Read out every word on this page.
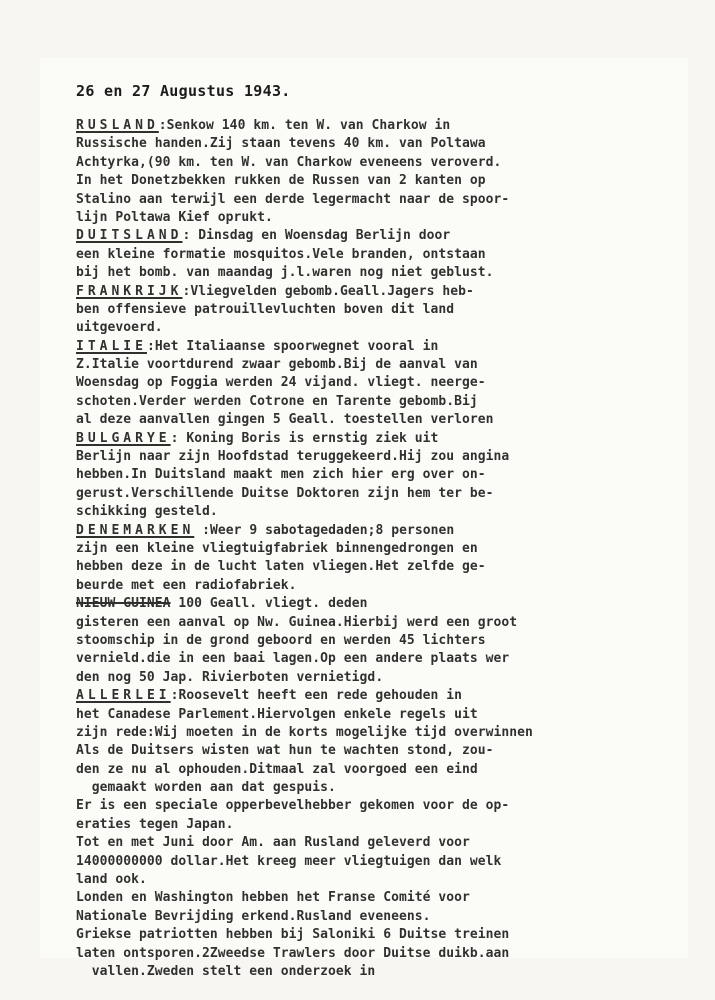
26 en 27 Augustus 1943.
RUSLAND:Senkow 140 km. ten W. van Charkow in
Russische handen.Zij staan tevens 40 km. van Poltawa
Achtyrka,(90 km. ten W. van Charkow eveneens veroverd.
In het Donetzbekken rukken de Russen van 2 kanten op
Stalino aan terwijl een derde legermacht naar de spoor-
lijn Poltawa Kief oprukt.
DUITSLAND: Dinsdag en Woensdag Berlijn door
een kleine formatie mosquitos.Vele branden, ontstaan
bij het bomb. van maandag j.l.waren nog niet geblust.
FRANKRIJK:Vliegvelden gebomb.Geall.Jagers heb-
ben offensieve patrouillevluchten boven dit land
uitgevoerd.
ITALIE:Het Italiaanse spoorwegnet vooral in
Z.Italie voortdurend zwaar gebomb.Bij de aanval van
Woensdag op Foggia werden 24 vijand. vliegt. neerge-
schoten.Verder werden Cotrone en Tarente gebomb.Bij
al deze aanvallen gingen 5 Geall. toestellen verloren
BULGARYE: Koning Boris is ernstig ziek uit
Berlijn naar zijn Hoofdstad teruggekeerd.Hij zou angina
hebben.In Duitsland maakt men zich hier erg over on-
gerust.Verschillende Duitse Doktoren zijn hem ter be-
schikking gesteld.
DENEMARKEN :Weer 9 sabotagedaden;8 personen
zijn een kleine vliegtuigfabriek binnengedrongen en
hebben deze in de lucht laten vliegen.Het zelfde ge-
beurde met een radiofabriek.
NIEUW GUINEA 100 Geall. vliegt. deden
gisteren een aanval op Nw. Guinea.Hierbij werd een groot
stoomschip in de grond geboord en werden 45 lichters
vernield.die in een baai lagen.Op een andere plaats wer
den nog 50 Jap. Rivierboten vernietigd.
ALLERLEI:Roosevelt heeft een rede gehouden in
het Canadese Parlement.Hiervolgen enkele regels uit
zijn rede:Wij moeten in de korts mogelijke tijd overwinnen
Als de Duitsers wisten wat hun te wachten stond, zou-
den ze nu al ophouden.Ditmaal zal voorgoed een eind
gemaakt worden aan dat gespuis.
Er is een speciale opperbevelhebber gekomen voor de op-
eraties tegen Japan.
Tot en met Juni door Am. aan Rusland geleverd voor
14000000000 dollar.Het kreeg meer vliegtuigen dan welk
land ook.
Londen en Washington hebben het Franse Comité voor
Nationale Bevrijding erkend.Rusland eveneens.
Griekse patriotten hebben bij Saloniki 6 Duitse treinen
laten ontsporen.2Zweedse Trawlers door Duitse duikb.aan
vallen.Zweden stelt een onderzoek in
